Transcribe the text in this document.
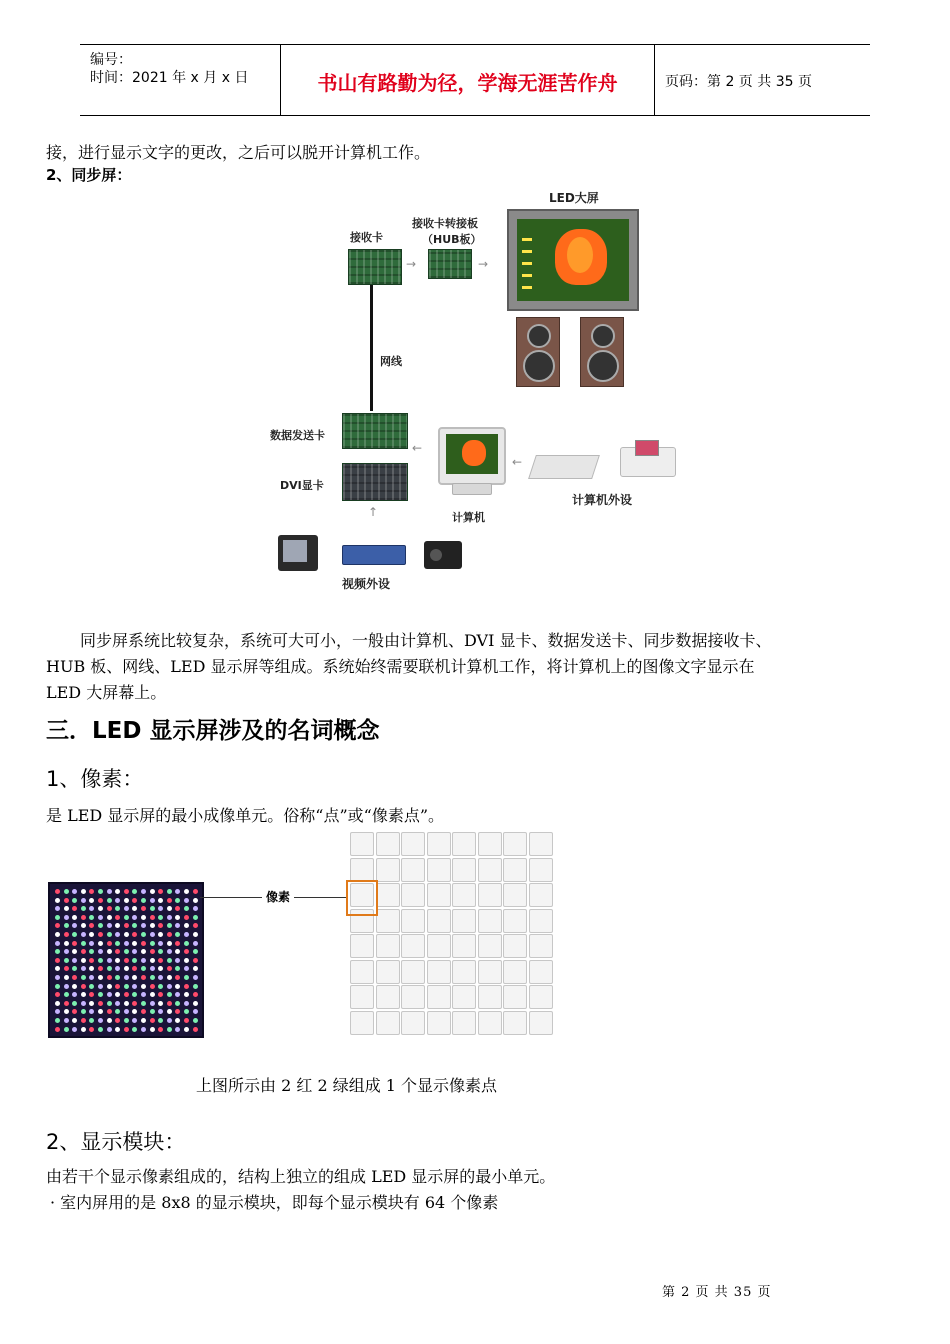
编号：
时间：2021 年 x 月 x 日	书山有路勤为径，学海无涯苦作舟	页码：第 2 页 共 35 页
接，进行显示文字的更改，之后可以脱开计算机工作。
2、同步屏：
LED大屏
接收卡
→
接收卡转接板
（HUB板）
→
网线
数据发送卡
DVI显卡
←
计算机
←
计算机外设
↑
视频外设
同步屏系统比较复杂，系统可大可小，一般由计算机、DVI 显卡、数据发送卡、同步数据接收卡、
HUB 板、网线、LED 显示屏等组成。系统始终需要联机计算机工作，将计算机上的图像文字显示在
LED 大屏幕上。
三．LED 显示屏涉及的名词概念
1、像素：
是 LED 显示屏的最小成像单元。俗称“点”或“像素点”。
像素
上图所示由 2 红 2 绿组成 1 个显示像素点
2、显示模块：
由若干个显示像素组成的，结构上独立的组成 LED 显示屏的最小单元。
· 室内屏用的是 8x8 的显示模块，即每个显示模块有 64 个像素
第 2 页 共 35 页
